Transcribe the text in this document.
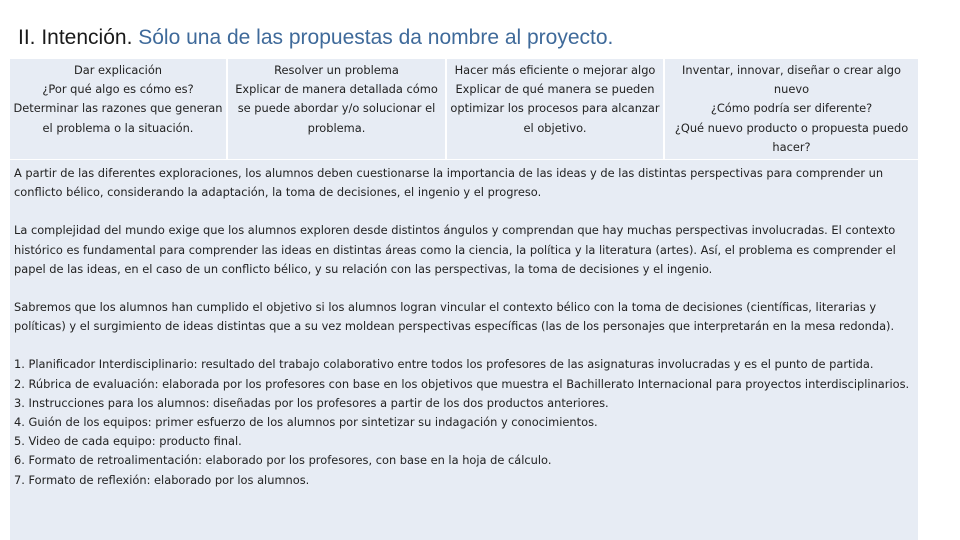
II. Intención. Sólo una de las propuestas da nombre al proyecto.
Dar explicación
¿Por qué algo es cómo es?
Determinar las razones que generan
el problema o la situación.
Resolver un problema
Explicar de manera detallada cómo
se puede abordar y/o solucionar el
problema.
Hacer más eficiente o mejorar algo
Explicar de qué manera se pueden
optimizar los procesos para alcanzar
el objetivo.
Inventar, innovar, diseñar o crear algo
nuevo
¿Cómo podría ser diferente?
¿Qué nuevo producto o propuesta puedo
hacer?

A partir de las diferentes exploraciones, los alumnos deben cuestionarse la importancia de las ideas y de las distintas perspectivas para comprender un conflicto bélico, considerando la adaptación, la toma de decisiones, el ingenio y el progreso.

La complejidad del mundo exige que los alumnos exploren desde distintos ángulos y comprendan que hay muchas perspectivas involucradas. El contexto histórico es fundamental para comprender las ideas en distintas áreas como la ciencia, la política y la literatura (artes). Así, el problema es comprender el papel de las ideas, en el caso de un conflicto bélico, y su relación con las perspectivas, la toma de decisiones y el ingenio.

Sabremos que los alumnos han cumplido el objetivo si los alumnos logran vincular el contexto bélico con la toma de decisiones (científicas, literarias y políticas) y el surgimiento de ideas distintas que a su vez moldean perspectivas específicas (las de los personajes que interpretarán en la mesa redonda).

1. Planificador Interdisciplinario: resultado del trabajo colaborativo entre todos los profesores de las asignaturas involucradas y es el punto de partida.
2. Rúbrica de evaluación: elaborada por los profesores con base en los objetivos que muestra el Bachillerato Internacional para proyectos interdisciplinarios.
3. Instrucciones para los alumnos: diseñadas por los profesores a partir de los dos productos anteriores.
4. Guión de los equipos: primer esfuerzo de los alumnos por sintetizar su indagación y conocimientos.
5. Video de cada equipo: producto final.
6. Formato de retroalimentación: elaborado por los profesores, con base en la hoja de cálculo.
7. Formato de reflexión: elaborado por los alumnos.
